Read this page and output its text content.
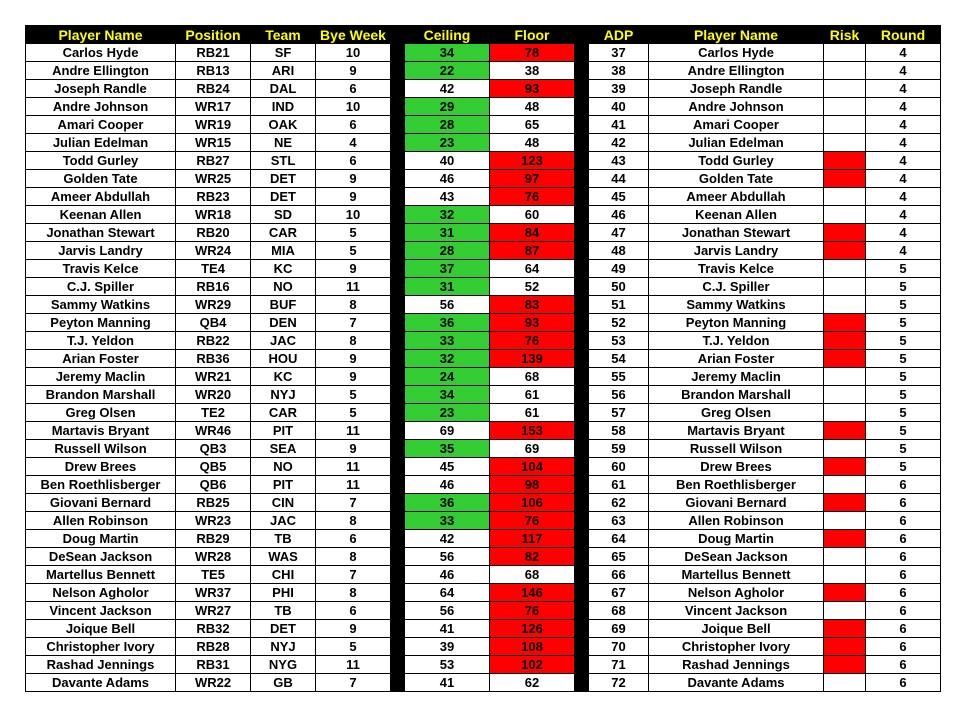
Player Name	Position	Team	Bye Week		Ceiling	Floor		ADP	Player Name	Risk	Round
Carlos Hyde	RB21	SF	10		34	78		37	Carlos Hyde		4
Andre Ellington	RB13	ARI	9		22	38		38	Andre Ellington		4
Joseph Randle	RB24	DAL	6		42	93		39	Joseph Randle		4
Andre Johnson	WR17	IND	10		29	48		40	Andre Johnson		4
Amari Cooper	WR19	OAK	6		28	65		41	Amari Cooper		4
Julian Edelman	WR15	NE	4		23	48		42	Julian Edelman		4
Todd Gurley	RB27	STL	6		40	123		43	Todd Gurley		4
Golden Tate	WR25	DET	9		46	97		44	Golden Tate		4
Ameer Abdullah	RB23	DET	9		43	76		45	Ameer Abdullah		4
Keenan Allen	WR18	SD	10		32	60		46	Keenan Allen		4
Jonathan Stewart	RB20	CAR	5		31	84		47	Jonathan Stewart		4
Jarvis Landry	WR24	MIA	5		28	87		48	Jarvis Landry		4
Travis Kelce	TE4	KC	9		37	64		49	Travis Kelce		5
C.J. Spiller	RB16	NO	11		31	52		50	C.J. Spiller		5
Sammy Watkins	WR29	BUF	8		56	83		51	Sammy Watkins		5
Peyton Manning	QB4	DEN	7		36	93		52	Peyton Manning		5
T.J. Yeldon	RB22	JAC	8		33	76		53	T.J. Yeldon		5
Arian Foster	RB36	HOU	9		32	139		54	Arian Foster		5
Jeremy Maclin	WR21	KC	9		24	68		55	Jeremy Maclin		5
Brandon Marshall	WR20	NYJ	5		34	61		56	Brandon Marshall		5
Greg Olsen	TE2	CAR	5		23	61		57	Greg Olsen		5
Martavis Bryant	WR46	PIT	11		69	153		58	Martavis Bryant		5
Russell Wilson	QB3	SEA	9		35	69		59	Russell Wilson		5
Drew Brees	QB5	NO	11		45	104		60	Drew Brees		5
Ben Roethlisberger	QB6	PIT	11		46	98		61	Ben Roethlisberger		6
Giovani Bernard	RB25	CIN	7		36	106		62	Giovani Bernard		6
Allen Robinson	WR23	JAC	8		33	76		63	Allen Robinson		6
Doug Martin	RB29	TB	6		42	117		64	Doug Martin		6
DeSean Jackson	WR28	WAS	8		56	82		65	DeSean Jackson		6
Martellus Bennett	TE5	CHI	7		46	68		66	Martellus Bennett		6
Nelson Agholor	WR37	PHI	8		64	146		67	Nelson Agholor		6
Vincent Jackson	WR27	TB	6		56	76		68	Vincent Jackson		6
Joique Bell	RB32	DET	9		41	126		69	Joique Bell		6
Christopher Ivory	RB28	NYJ	5		39	108		70	Christopher Ivory		6
Rashad Jennings	RB31	NYG	11		53	102		71	Rashad Jennings		6
Davante Adams	WR22	GB	7		41	62		72	Davante Adams		6
